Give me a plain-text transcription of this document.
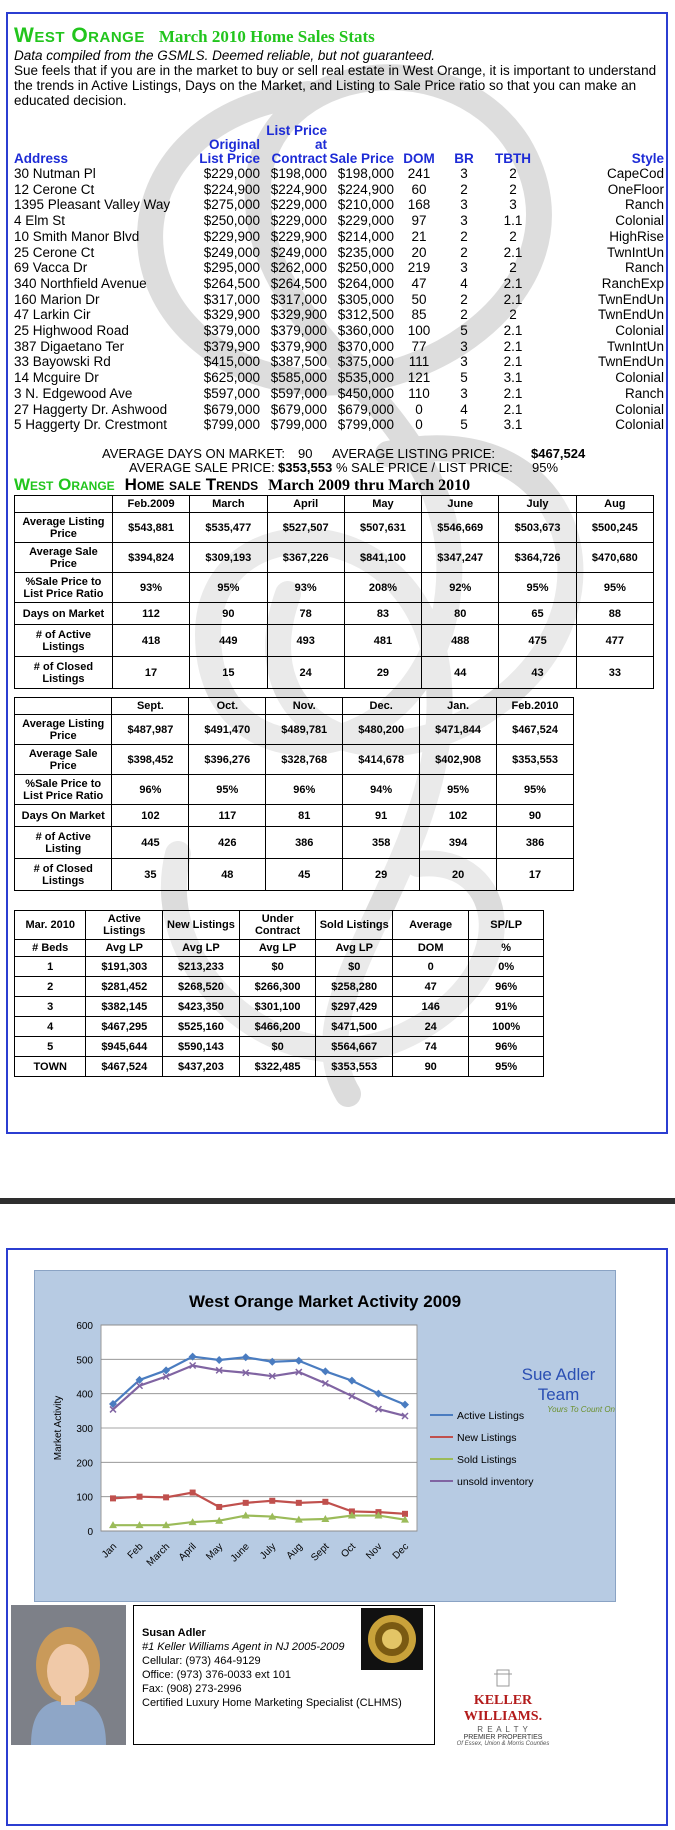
West Orange March 2010 Home Sales Stats
Data compiled from the GSMLS. Deemed reliable, but not guaranteed.
Sue feels that if you are in the market to buy or sell real estate in West Orange, it is important to understand the trends in Active Listings, Days on the Market, and Listing to Sale Price ratio so that you can make an educated decision.
Address	Original List Price	List Price at Contract	Sale Price	DOM	BR	TBTH	Style
30 Nutman Pl	$229,000	$198,000	$198,000	241	3	2	CapeCod
12 Cerone Ct	$224,900	$224,900	$224,900	60	2	2	OneFloor
1395 Pleasant Valley Way	$275,000	$229,000	$210,000	168	3	3	Ranch
4 Elm St	$250,000	$229,000	$229,000	97	3	1.1	Colonial
10 Smith Manor Blvd	$229,900	$229,900	$214,000	21	2	2	HighRise
25 Cerone Ct	$249,000	$249,000	$235,000	20	2	2.1	TwnIntUn
69 Vacca Dr	$295,000	$262,000	$250,000	219	3	2	Ranch
340 Northfield Avenue	$264,500	$264,500	$264,000	47	4	2.1	RanchExp
160 Marion Dr	$317,000	$317,000	$305,000	50	2	2.1	TwnEndUn
47 Larkin Cir	$329,900	$329,900	$312,500	85	2	2	TwnEndUn
25 Highwood Road	$379,000	$379,000	$360,000	100	5	2.1	Colonial
387 Digaetano Ter	$379,900	$379,900	$370,000	77	3	2.1	TwnIntUn
33 Bayowski Rd	$415,000	$387,500	$375,000	111	3	2.1	TwnEndUn
14 Mcguire Dr	$625,000	$585,000	$535,000	121	5	3.1	Colonial
3 N. Edgewood Ave	$597,000	$597,000	$450,000	110	3	2.1	Ranch
27 Haggerty Dr. Ashwood	$679,000	$679,000	$679,000	0	4	2.1	Colonial
5 Haggerty Dr. Crestmont	$799,000	$799,000	$799,000	0	5	3.1	Colonial
AVERAGE DAYS ON MARKET: 90 AVERAGE LISTING PRICE:	$467,524
AVERAGE SALE PRICE: $353,553 % SALE PRICE / LIST PRICE: 95%
West Orange Home sale Trends March 2009 thru March 2010
	Feb.2009	March	April	May	June	July	Aug
Average Listing Price	$543,881	$535,477	$527,507	$507,631	$546,669	$503,673	$500,245
Average Sale Price	$394,824	$309,193	$367,226	$841,100	$347,247	$364,726	$470,680
%Sale Price to List Price Ratio	93%	95%	93%	208%	92%	95%	95%
Days on Market	112	90	78	83	80	65	88
# of Active Listings	418	449	493	481	488	475	477
# of Closed Listings	17	15	24	29	44	43	33
	Sept.	Oct.	Nov.	Dec.	Jan.	Feb.2010
Average Listing Price	$487,987	$491,470	$489,781	$480,200	$471,844	$467,524
Average Sale Price	$398,452	$396,276	$328,768	$414,678	$402,908	$353,553
%Sale Price to List Price Ratio	96%	95%	96%	94%	95%	95%
Days On Market	102	117	81	91	102	90
# of Active Listing	445	426	386	358	394	386
# of Closed Listings	35	48	45	29	20	17
Mar. 2010	Active Listings	New Listings	Under Contract	Sold Listings	Average	SP/LP
# Beds	Avg LP	Avg LP	Avg LP	Avg LP	DOM	%
1	$191,303	$213,233	$0	$0	0	0%
2	$281,452	$268,520	$266,300	$258,280	47	96%
3	$382,145	$423,350	$301,100	$297,429	146	91%
4	$467,295	$525,160	$466,200	$471,500	24	100%
5	$945,644	$590,143	$0	$564,667	74	96%
TOWN	$467,524	$437,203	$322,485	$353,553	90	95%
West Orange Market Activity 2009
0
100
200
300
400
500
600
Market Activity
Jan Feb March April May June July Aug Sept Oct Nov Dec
Active Listings
New Listings
Sold Listings
unsold inventory
Sue Adler Team
Yours To Count On
Susan Adler
#1 Keller Williams Agent in NJ 2005-2009
Cellular: (973) 464-9129
Office: (973) 376-0033 ext 101
Fax: (908) 273-2996
Certified Luxury Home Marketing Specialist (CLHMS)	KELLER WILLIAMS.
R E A L T Y
PREMIER PROPERTIES
Of Essex, Union & Morris Counties
